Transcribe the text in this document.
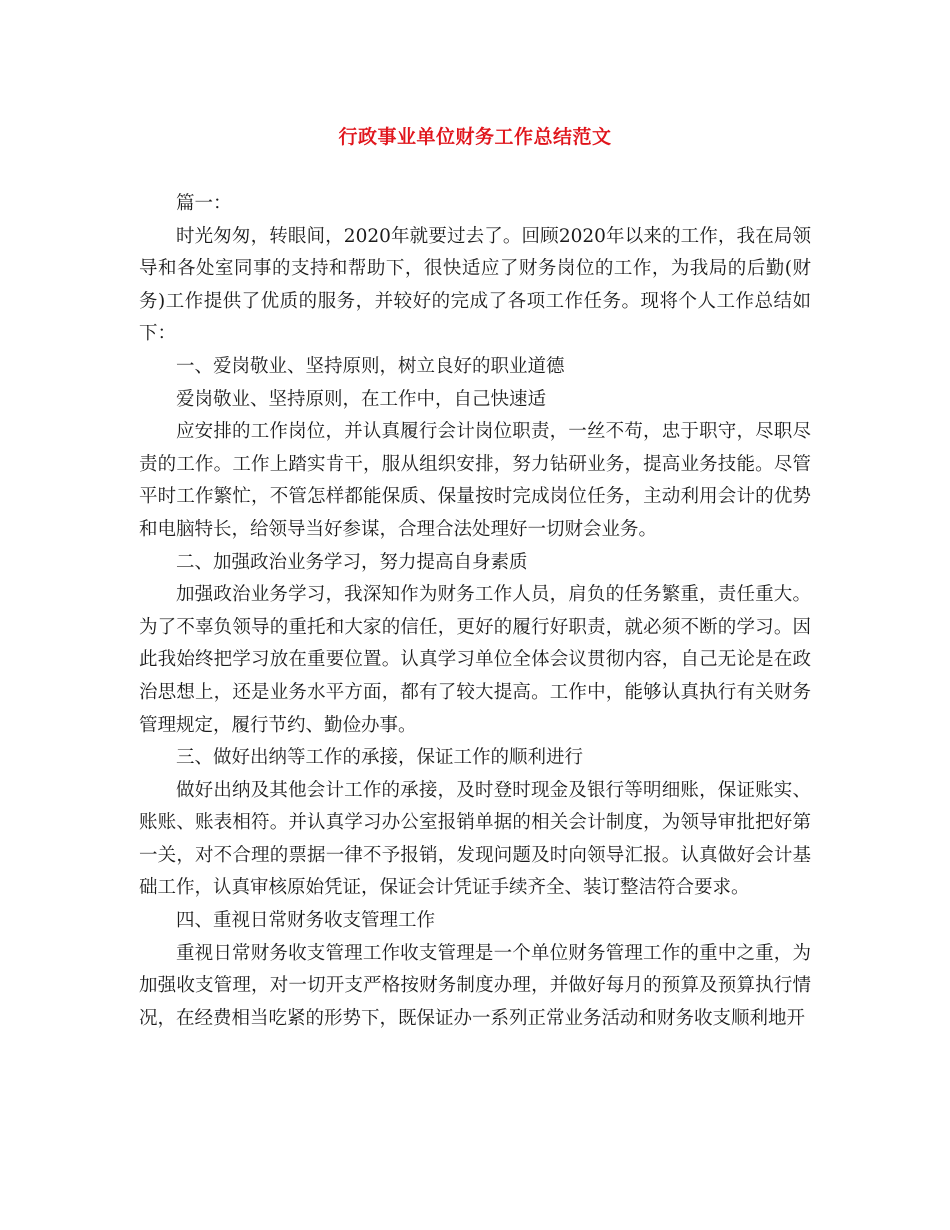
行政事业单位财务工作总结范文

篇一：

时光匆匆，转眼间，2020年就要过去了。回顾2020年以来的工作，我在局领导和各处室同事的支持和帮助下，很快适应了财务岗位的工作，为我局的后勤(财务)工作提供了优质的服务，并较好的完成了各项工作任务。现将个人工作总结如下：

一、爱岗敬业、坚持原则，树立良好的职业道德

爱岗敬业、坚持原则，在工作中，自己快速适

应安排的工作岗位，并认真履行会计岗位职责，一丝不苟，忠于职守，尽职尽责的工作。工作上踏实肯干，服从组织安排，努力钻研业务，提高业务技能。尽管平时工作繁忙，不管怎样都能保质、保量按时完成岗位任务，主动利用会计的优势和电脑特长，给领导当好参谋，合理合法处理好一切财会业务。

二、加强政治业务学习，努力提高自身素质

加强政治业务学习，我深知作为财务工作人员，肩负的任务繁重，责任重大。为了不辜负领导的重托和大家的信任，更好的履行好职责，就必须不断的学习。因此我始终把学习放在重要位置。认真学习单位全体会议贯彻内容，自己无论是在政治思想上，还是业务水平方面，都有了较大提高。工作中，能够认真执行有关财务管理规定，履行节约、勤俭办事。

三、做好出纳等工作的承接，保证工作的顺利进行

做好出纳及其他会计工作的承接，及时登时现金及银行等明细账，保证账实、账账、账表相符。并认真学习办公室报销单据的相关会计制度，为领导审批把好第一关，对不合理的票据一律不予报销，发现问题及时向领导汇报。认真做好会计基础工作，认真审核原始凭证，保证会计凭证手续齐全、装订整洁符合要求。

四、重视日常财务收支管理工作

重视日常财务收支管理工作收支管理是一个单位财务管理工作的重中之重，为加强收支管理，对一切开支严格按财务制度办理，并做好每月的预算及预算执行情况，在经费相当吃紧的形势下，既保证办一系列正常业务活动和财务收支顺利地开
